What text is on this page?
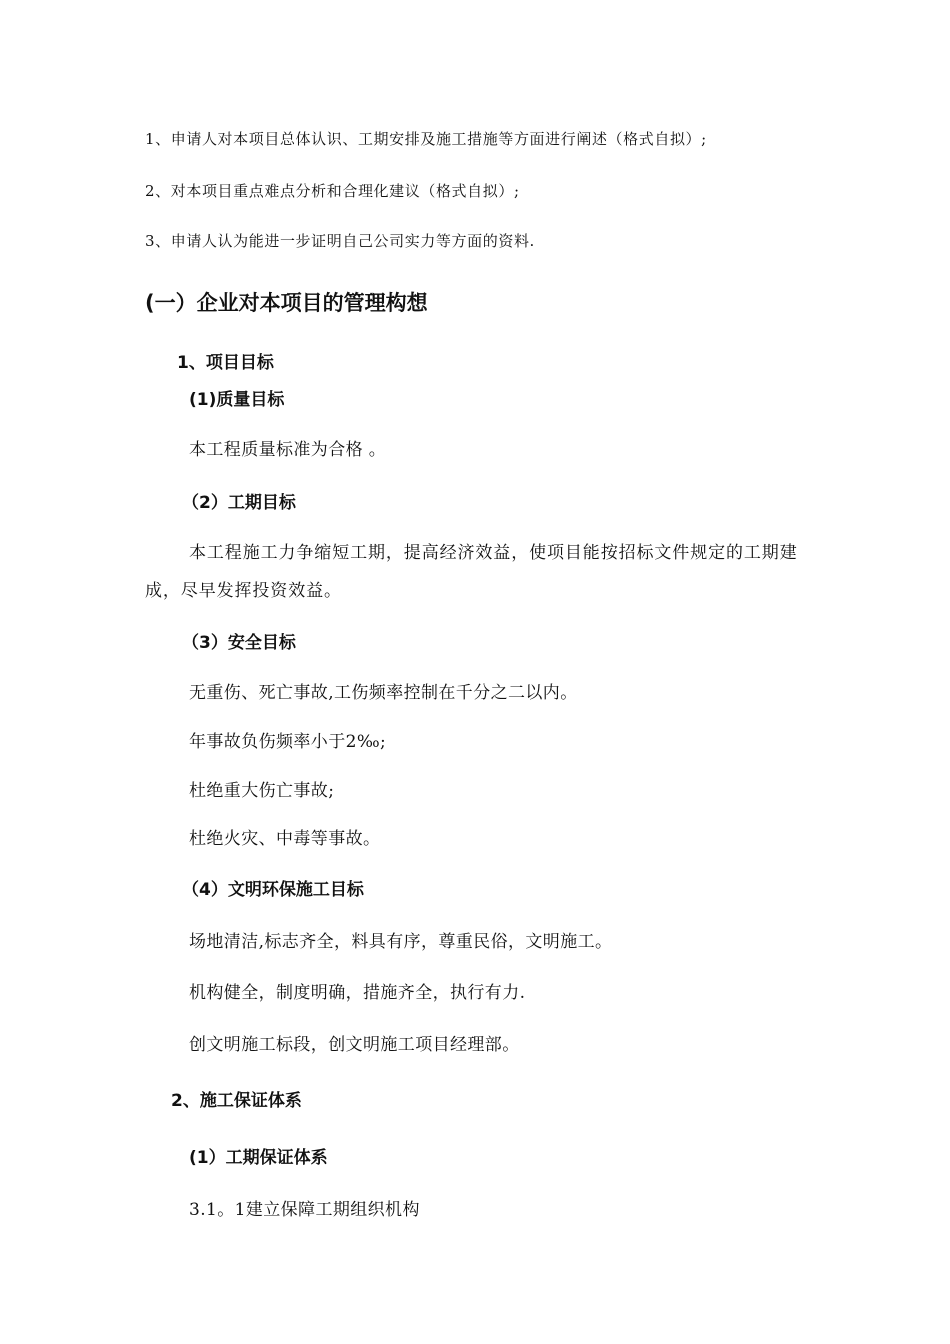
1、申请人对本项目总体认识、工期安排及施工措施等方面进行阐述（格式自拟）;

2、对本项目重点难点分析和合理化建议（格式自拟）;

3、申请人认为能进一步证明自己公司实力等方面的资料.

(一）企业对本项目的管理构想
1、项目目标
(1)质量目标

本工程质量标准为合格 。

（2）工期目标

本工程施工力争缩短工期，提高经济效益，使项目能按招标文件规定的工期建成，尽早发挥投资效益。

（3）安全目标

无重伤、死亡事故,工伤频率控制在千分之二以内。

年事故负伤频率小于2‰;

杜绝重大伤亡事故;

杜绝火灾、中毒等事故。

（4）文明环保施工目标

场地清洁,标志齐全，料具有序，尊重民俗，文明施工。

机构健全，制度明确，措施齐全，执行有力.

创文明施工标段，创文明施工项目经理部。

2、施工保证体系
(1）工期保证体系

3.1。1建立保障工期组织机构
